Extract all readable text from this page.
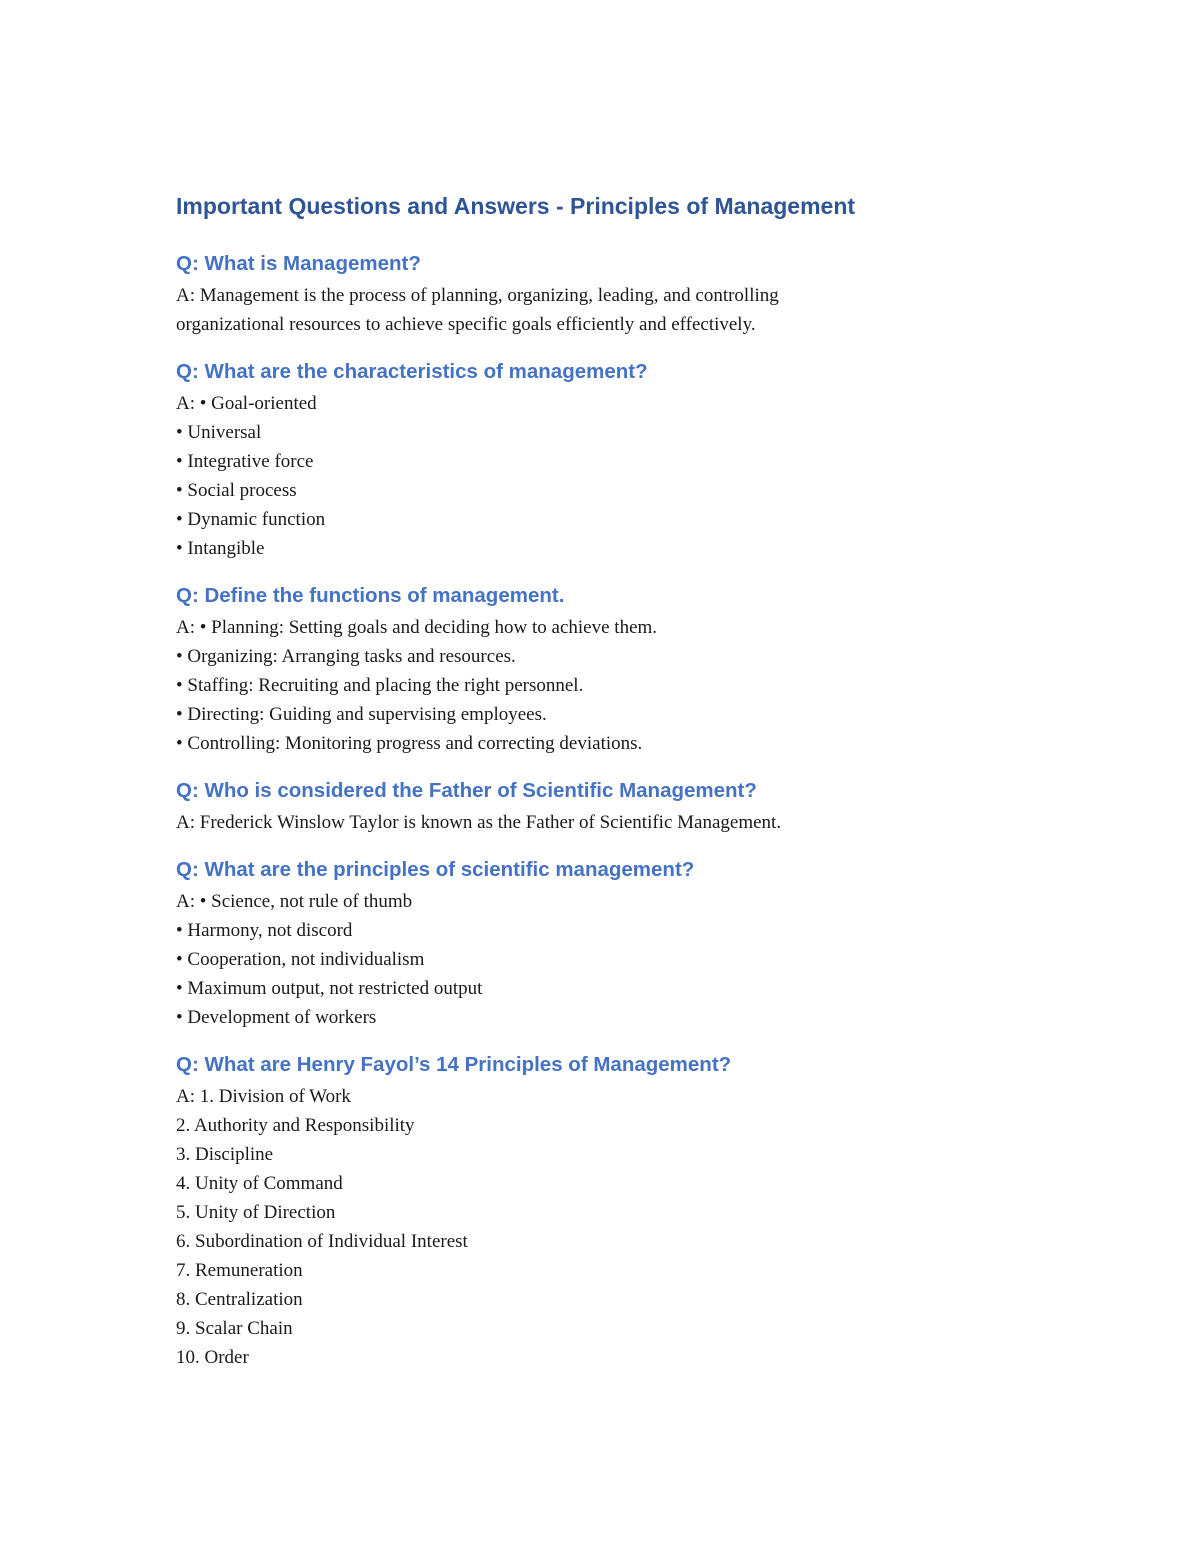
Important Questions and Answers - Principles of Management
Q: What is Management?

A: Management is the process of planning, organizing, leading, and controlling
organizational resources to achieve specific goals efficiently and effectively.

Q: What are the characteristics of management?

A: • Goal-oriented
• Universal
• Integrative force
• Social process
• Dynamic function
• Intangible

Q: Define the functions of management.

A: • Planning: Setting goals and deciding how to achieve them.
• Organizing: Arranging tasks and resources.
• Staffing: Recruiting and placing the right personnel.
• Directing: Guiding and supervising employees.
• Controlling: Monitoring progress and correcting deviations.

Q: Who is considered the Father of Scientific Management?

A: Frederick Winslow Taylor is known as the Father of Scientific Management.

Q: What are the principles of scientific management?

A: • Science, not rule of thumb
• Harmony, not discord
• Cooperation, not individualism
• Maximum output, not restricted output
• Development of workers

Q: What are Henry Fayol’s 14 Principles of Management?

A: 1. Division of Work
2. Authority and Responsibility
3. Discipline
4. Unity of Command
5. Unity of Direction
6. Subordination of Individual Interest
7. Remuneration
8. Centralization
9. Scalar Chain
10. Order
